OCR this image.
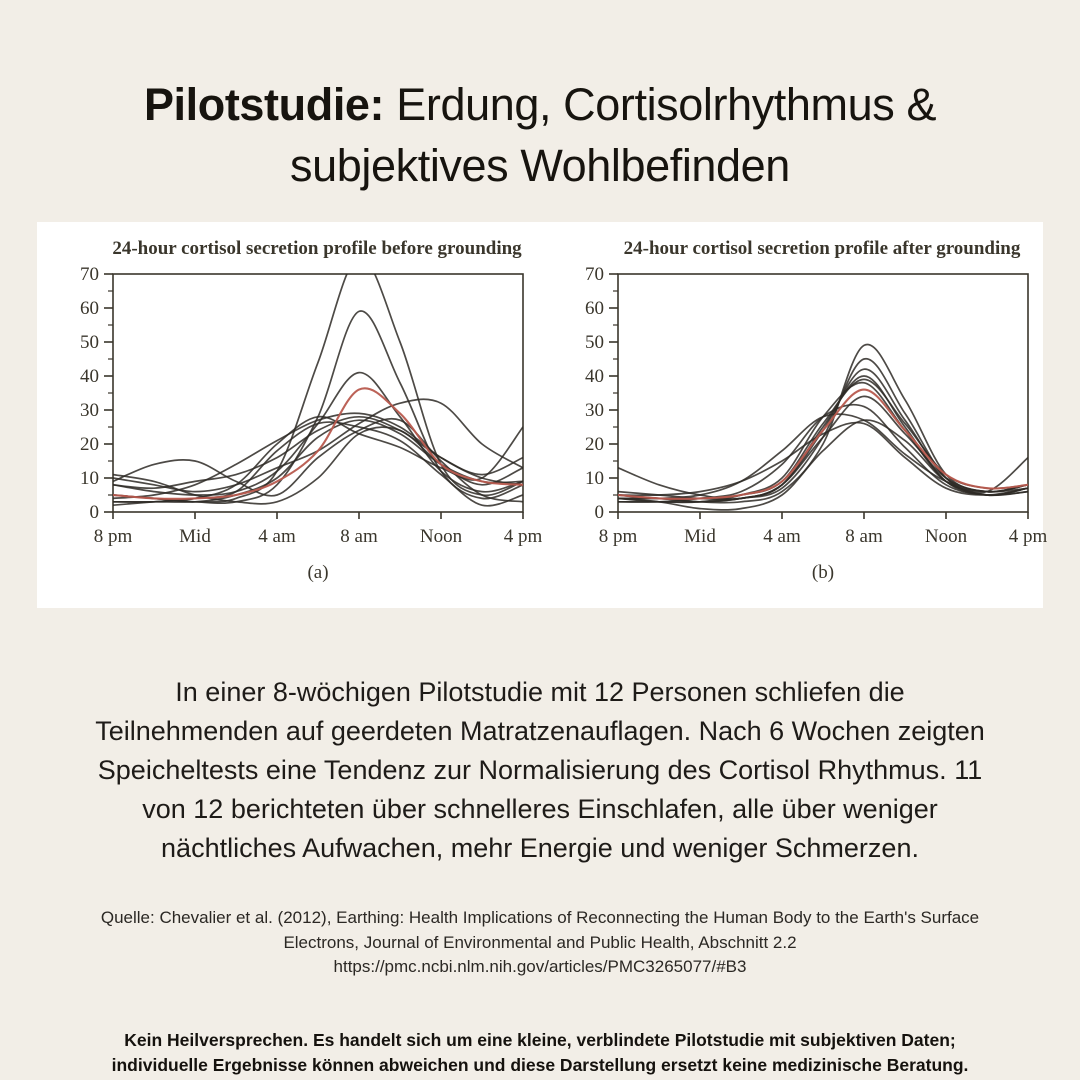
Pilotstudie: Erdung, Cortisolrhythmus & subjektives Wohlbefinden
24-hour cortisol secretion profile before grounding
0
10
20
30
40
50
60
70
8 pm Mid 4 am 8 am Noon 4 pm
(a)
24-hour cortisol secretion profile after grounding
0
10
20
30
40
50
60
70
8 pm Mid 4 am 8 am Noon 4 pm
(b)

In einer 8-wöchigen Pilotstudie mit 12 Personen schliefen die Teilnehmenden auf geerdeten Matratzenauflagen. Nach 6 Wochen zeigten Speicheltests eine Tendenz zur Normalisierung des Cortisol Rhythmus. 11 von 12 berichteten über schnelleres Einschlafen, alle über weniger nächtliches Aufwachen, mehr Energie und weniger Schmerzen.

Quelle: Chevalier et al. (2012), Earthing: Health Implications of Reconnecting the Human Body to the Earth's Surface Electrons, Journal of Environmental and Public Health, Abschnitt 2.2
https://pmc.ncbi.nlm.nih.gov/articles/PMC3265077/#B3

Kein Heilversprechen. Es handelt sich um eine kleine, verblindete Pilotstudie mit subjektiven Daten; individuelle Ergebnisse können abweichen und diese Darstellung ersetzt keine medizinische Beratung.
